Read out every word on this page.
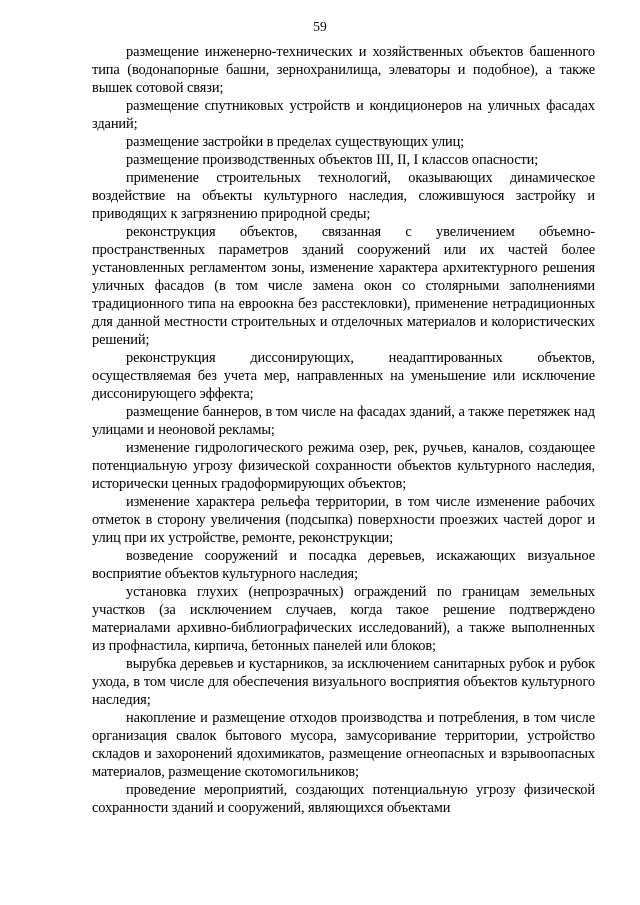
59

размещение инженерно-технических и хозяйственных объектов башенного типа (водонапорные башни, зернохранилища, элеваторы и подобное), а также вышек сотовой связи;

размещение спутниковых устройств и кондиционеров на уличных фасадах зданий;

размещение застройки в пределах существующих улиц;

размещение производственных объектов III, II, I классов опасности;

применение строительных технологий, оказывающих динамическое воздействие на объекты культурного наследия, сложившуюся застройку и приводящих к загрязнению природной среды;

реконструкция объектов, связанная с увеличением объемно-пространственных параметров зданий сооружений или их частей более установленных регламентом зоны, изменение характера архитектурного решения уличных фасадов (в том числе замена окон со столярными заполнениями традиционного типа на евроокна без расстекловки), применение нетрадиционных для данной местности строительных и отделочных материалов и колористических решений;

реконструкция диссонирующих, неадаптированных объектов, осуществляемая без учета мер, направленных на уменьшение или исключение диссонирующего эффекта;

размещение баннеров, в том числе на фасадах зданий, а также перетяжек над улицами и неоновой рекламы;

изменение гидрологического режима озер, рек, ручьев, каналов, создающее потенциальную угрозу физической сохранности объектов культурного наследия, исторически ценных градоформирующих объектов;

изменение характера рельефа территории, в том числе изменение рабочих отметок в сторону увеличения (подсыпка) поверхности проезжих частей дорог и улиц при их устройстве, ремонте, реконструкции;

возведение сооружений и посадка деревьев, искажающих визуальное восприятие объектов культурного наследия;

установка глухих (непрозрачных) ограждений по границам земельных участков (за исключением случаев, когда такое решение подтверждено материалами архивно-библиографических исследований), а также выполненных из профнастила, кирпича, бетонных панелей или блоков;

вырубка деревьев и кустарников, за исключением санитарных рубок и рубок ухода, в том числе для обеспечения визуального восприятия объектов культурного наследия;

накопление и размещение отходов производства и потребления, в том числе организация свалок бытового мусора, замусоривание территории, устройство складов и захоронений ядохимикатов, размещение огнеопасных и взрывоопасных материалов, размещение скотомогильников;

проведение мероприятий, создающих потенциальную угрозу физической сохранности зданий и сооружений, являющихся объектами
